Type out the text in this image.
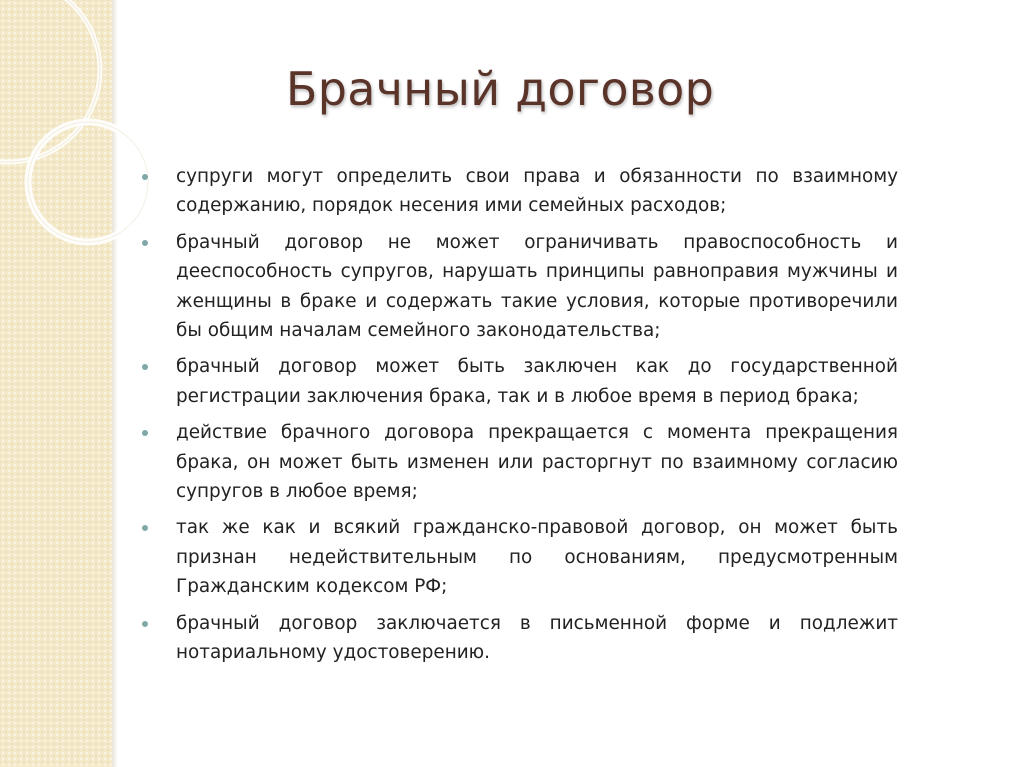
Брачный договор
супруги могут определить свои права и обязанности по взаимному содержанию, порядок несения ими семейных расходов;
брачный договор не может ограничивать правоспособность и дееспособность супругов, нарушать принципы равноправия мужчины и женщины в браке и содержать такие условия, которые противоречили бы общим началам семейного законодательства;
брачный договор может быть заключен как до государственной регистрации заключения брака, так и в любое время в период брака;
действие брачного договора прекращается с момента прекращения брака, он может быть изменен или расторгнут по взаимному согласию супругов в любое время;
так же как и всякий гражданско-правовой договор, он может быть признан недействительным по основаниям, предусмотренным Гражданским кодексом РФ;
брачный договор заключается в письменной форме и подлежит нотариальному удостоверению.
